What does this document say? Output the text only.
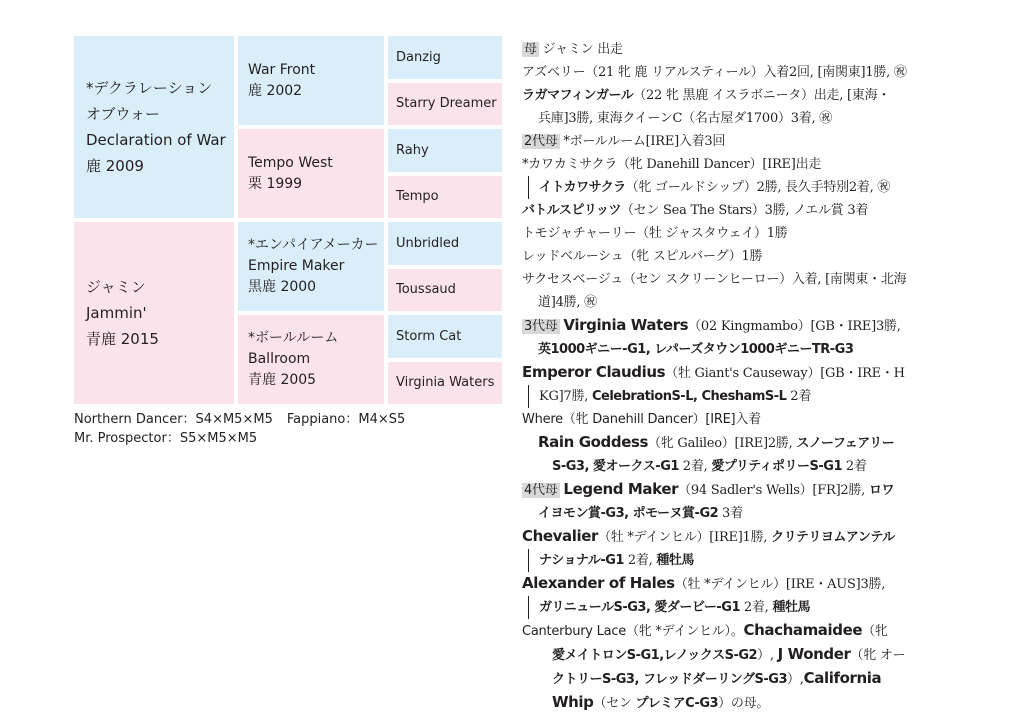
*デクラレーション
オブウォー
Declaration of War
鹿 2009
ジャミン
Jammin'
青鹿 2015
War Front
鹿 2002
Tempo West
栗 1999
*エンパイアメーカー
Empire Maker
黒鹿 2000
*ボールルーム
Ballroom
青鹿 2005
Danzig
Starry Dreamer
Rahy
Tempo
Unbridled
Toussaud
Storm Cat
Virginia Waters
Northern Dancer：S4×M5×M5 Fappiano：M4×S5
Mr. Prospector：S5×M5×M5
母 ジャミン 出走
アズベリー（21 牝 鹿 リアルスティール）入着2回, [南関東]1勝, ㊗
ラガマフィンガール（22 牝 黒鹿 イスラボニータ）出走, [東海・
兵庫]3勝, 東海クイーンC（名古屋ダ1700）3着, ㊗
2代母 *ボールルーム[IRE]入着3回
*カワカミサクラ（牝 Danehill Dancer）[IRE]出走
イトカワサクラ（牝 ゴールドシップ）2勝, 長久手特別2着, ㊗
バトルスピリッツ（セン Sea The Stars）3勝, ノエル賞 3着
トモジャチャーリー（牡 ジャスタウェイ）1勝
レッドベルーシュ（牝 スピルバーグ）1勝
サクセスベージュ（セン スクリーンヒーロー）入着, [南関東・北海
道]4勝, ㊗
3代母 Virginia Waters（02 Kingmambo）[GB・IRE]3勝,
英1000ギニー-G1, レパーズタウン1000ギニーTR-G3
Emperor Claudius（牡 Giant's Causeway）[GB・IRE・H
KG]7勝, CelebrationS-L, CheshamS-L 2着
Where（牝 Danehill Dancer）[IRE]入着
Rain Goddess（牝 Galileo）[IRE]2勝, スノーフェアリー
S-G3, 愛オークス-G1 2着, 愛プリティポリーS-G1 2着
4代母 Legend Maker（94 Sadler's Wells）[FR]2勝, ロワ
イヨモン賞-G3, ポモーヌ賞-G2 3着
Chevalier（牡 *デインヒル）[IRE]1勝, クリテリヨムアンテル
ナショナル-G1 2着, 種牡馬
Alexander of Hales（牡 *デインヒル）[IRE・AUS]3勝,
ガリニュールS-G3, 愛ダービー-G1 2着, 種牡馬
Canterbury Lace（牝 *デインヒル）。Chachamaidee（牝
愛メイトロンS-G1,レノックスS-G2）, J Wonder（牝 オー
クトリーS-G3, フレッドダーリングS-G3）,California
Whip（セン プレミアC-G3）の母。
